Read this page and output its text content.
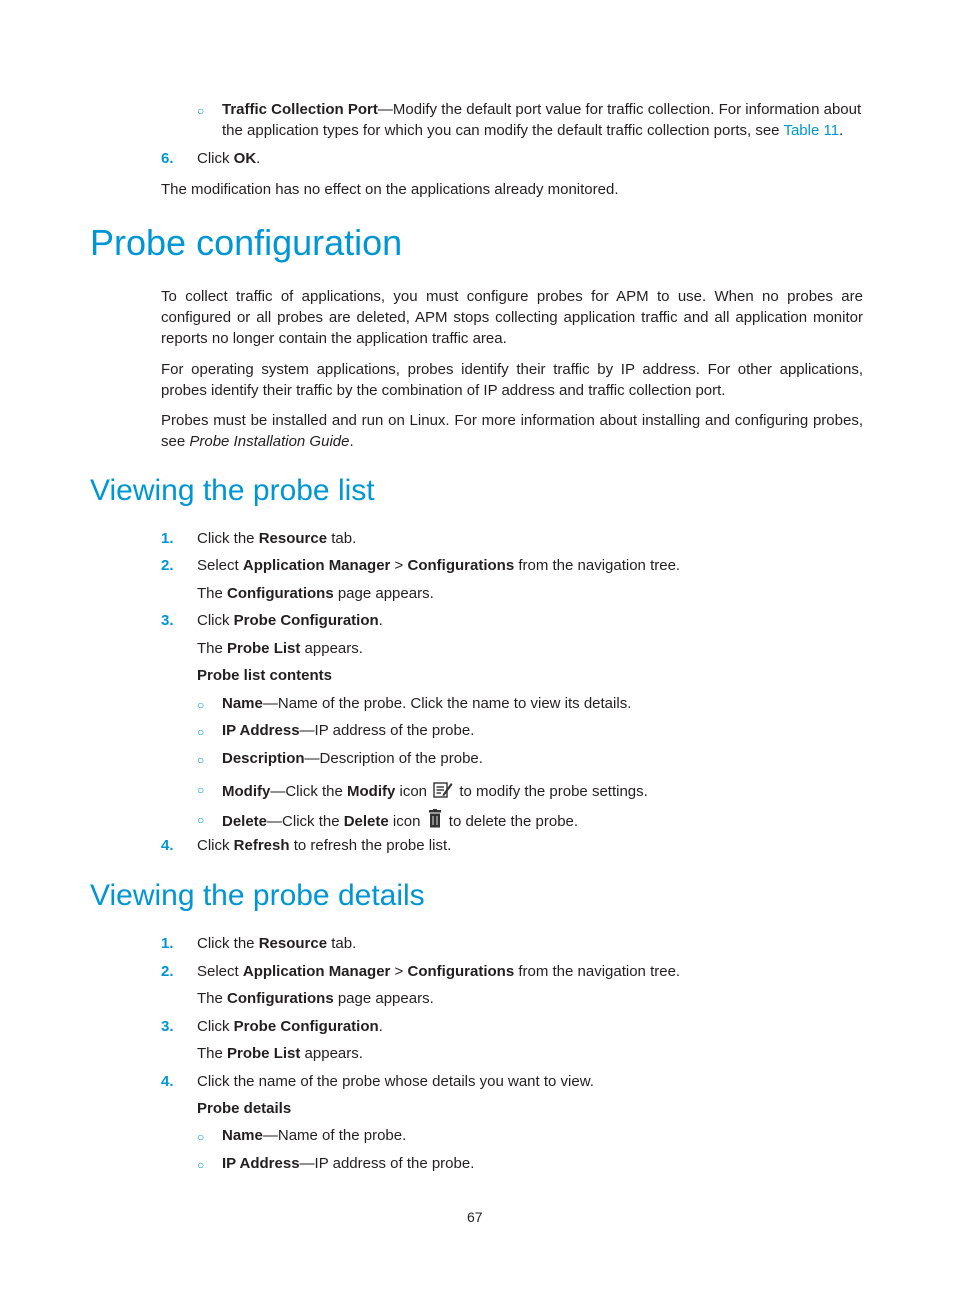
○ Traffic Collection Port—Modify the default port value for traffic collection. For information about
the application types for which you can modify the default traffic collection ports, see Table 11.
6. Click OK.
The modification has no effect on the applications already monitored.
Probe configuration
To collect traffic of applications, you must configure probes for APM to use. When no probes are configured or all probes are deleted, APM stops collecting application traffic and all application monitor reports no longer contain the application traffic area.
For operating system applications, probes identify their traffic by IP address. For other applications, probes identify their traffic by the combination of IP address and traffic collection port.
Probes must be installed and run on Linux. For more information about installing and configuring probes, see Probe Installation Guide.
Viewing the probe list
1. Click the Resource tab.
2. Select Application Manager > Configurations from the navigation tree.
The Configurations page appears.
3. Click Probe Configuration.
The Probe List appears.
Probe list contents
○ Name—Name of the probe. Click the name to view its details.
○ IP Address—IP address of the probe.
○ Description—Description of the probe.
○ Modify—Click the Modify icon  to modify the probe settings.
○ Delete—Click the Delete icon  to delete the probe.
4. Click Refresh to refresh the probe list.
Viewing the probe details
1. Click the Resource tab.
2. Select Application Manager > Configurations from the navigation tree.
The Configurations page appears.
3. Click Probe Configuration.
The Probe List appears.
4. Click the name of the probe whose details you want to view.
Probe details
○ Name—Name of the probe.
○ IP Address—IP address of the probe.
67
